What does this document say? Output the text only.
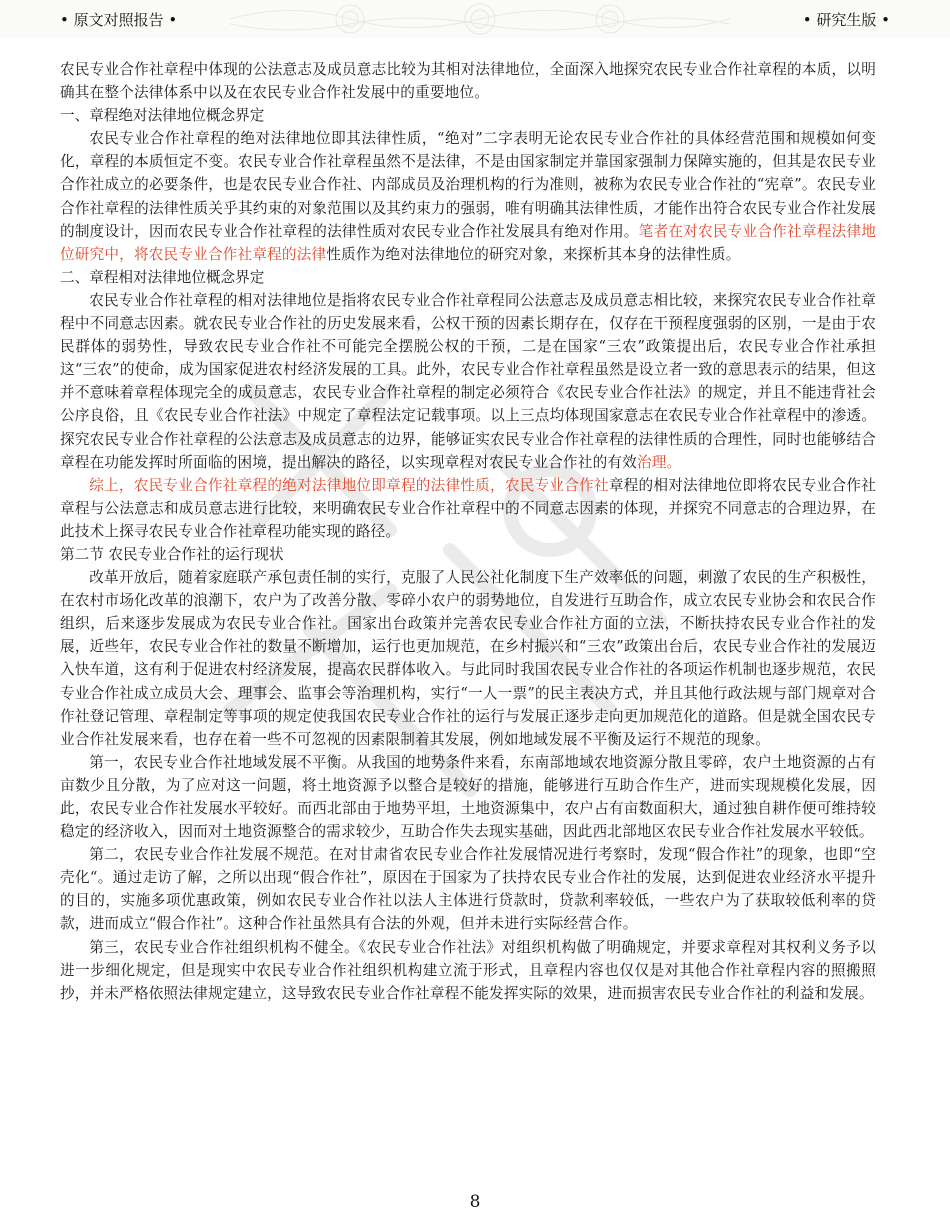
• 原文对照报告 •	• 研究生版 •

农民专业合作社章程中体现的公法意志及成员意志比较为其相对法律地位，全面深入地探究农民专业合作社章程的本质，以明确其在整个法律体系中以及在农民专业合作社发展中的重要地位。

一、章程绝对法律地位概念界定

农民专业合作社章程的绝对法律地位即其法律性质，“绝对”二字表明无论农民专业合作社的具体经营范围和规模如何变化，章程的本质恒定不变。农民专业合作社章程虽然不是法律，不是由国家制定并靠国家强制力保障实施的，但其是农民专业合作社成立的必要条件，也是农民专业合作社、内部成员及治理机构的行为准则，被称为农民专业合作社的“宪章”。农民专业合作社章程的法律性质关乎其约束的对象范围以及其约束力的强弱，唯有明确其法律性质，才能作出符合农民专业合作社发展的制度设计，因而农民专业合作社章程的法律性质对农民专业合作社发展具有绝对作用。笔者在对农民专业合作社章程法律地位研究中，将农民专业合作社章程的法律性质作为绝对法律地位的研究对象，来探析其本身的法律性质。

二、章程相对法律地位概念界定

农民专业合作社章程的相对法律地位是指将农民专业合作社章程同公法意志及成员意志相比较，来探究农民专业合作社章程中不同意志因素。就农民专业合作社的历史发展来看，公权干预的因素长期存在，仅存在干预程度强弱的区别，一是由于农民群体的弱势性，导致农民专业合作社不可能完全摆脱公权的干预，二是在国家“三农”政策提出后，农民专业合作社承担这“三农”的使命，成为国家促进农村经济发展的工具。此外，农民专业合作社章程虽然是设立者一致的意思表示的结果，但这并不意味着章程体现完全的成员意志，农民专业合作社章程的制定必须符合《农民专业合作社法》的规定，并且不能违背社会公序良俗，且《农民专业合作社法》中规定了章程法定记载事项。以上三点均体现国家意志在农民专业合作社章程中的渗透。探究农民专业合作社章程的公法意志及成员意志的边界，能够证实农民专业合作社章程的法律性质的合理性，同时也能够结合章程在功能发挥时所面临的困境，提出解决的路径，以实现章程对农民专业合作社的有效治理。

综上，农民专业合作社章程的绝对法律地位即章程的法律性质，农民专业合作社章程的相对法律地位即将农民专业合作社章程与公法意志和成员意志进行比较，来明确农民专业合作社章程中的不同意志因素的体现，并探究不同意志的合理边界，在此技术上探寻农民专业合作社章程功能实现的路径。

第二节 农民专业合作社的运行现状

改革开放后，随着家庭联产承包责任制的实行，克服了人民公社化制度下生产效率低的问题，刺激了农民的生产积极性，在农村市场化改革的浪潮下，农户为了改善分散、零碎小农户的弱势地位，自发进行互助合作，成立农民专业协会和农民合作组织，后来逐步发展成为农民专业合作社。国家出台政策并完善农民专业合作社方面的立法，不断扶持农民专业合作社的发展，近些年，农民专业合作社的数量不断增加，运行也更加规范，在乡村振兴和“三农”政策出台后，农民专业合作社的发展迈入快车道，这有利于促进农村经济发展，提高农民群体收入。与此同时我国农民专业合作社的各项运作机制也逐步规范，农民专业合作社成立成员大会、理事会、监事会等治理机构，实行“一人一票”的民主表决方式，并且其他行政法规与部门规章对合作社登记管理、章程制定等事项的规定使我国农民专业合作社的运行与发展正逐步走向更加规范化的道路。但是就全国农民专业合作社发展来看，也存在着一些不可忽视的因素限制着其发展，例如地域发展不平衡及运行不规范的现象。

第一，农民专业合作社地域发展不平衡。从我国的地势条件来看，东南部地域农地资源分散且零碎，农户土地资源的占有亩数少且分散，为了应对这一问题，将土地资源予以整合是较好的措施，能够进行互助合作生产，进而实现规模化发展，因此，农民专业合作社发展水平较好。而西北部由于地势平坦，土地资源集中，农户占有亩数面积大，通过独自耕作便可维持较稳定的经济收入，因而对土地资源整合的需求较少，互助合作失去现实基础，因此西北部地区农民专业合作社发展水平较低。

第二，农民专业合作社发展不规范。在对甘肃省农民专业合作社发展情况进行考察时，发现“假合作社”的现象，也即“空壳化“。通过走访了解，之所以出现“假合作社”，原因在于国家为了扶持农民专业合作社的发展，达到促进农业经济水平提升的目的，实施多项优惠政策，例如农民专业合作社以法人主体进行贷款时，贷款利率较低，一些农户为了获取较低利率的贷款，进而成立“假合作社”。这种合作社虽然具有合法的外观，但并未进行实际经营合作。

第三，农民专业合作社组织机构不健全。《农民专业合作社法》对组织机构做了明确规定，并要求章程对其权利义务予以进一步细化规定，但是现实中农民专业合作社组织机构建立流于形式，且章程内容也仅仅是对其他合作社章程内容的照搬照抄，并未严格依照法律规定建立，这导致农民专业合作社章程不能发挥实际的效果，进而损害农民专业合作社的利益和发展。

8
